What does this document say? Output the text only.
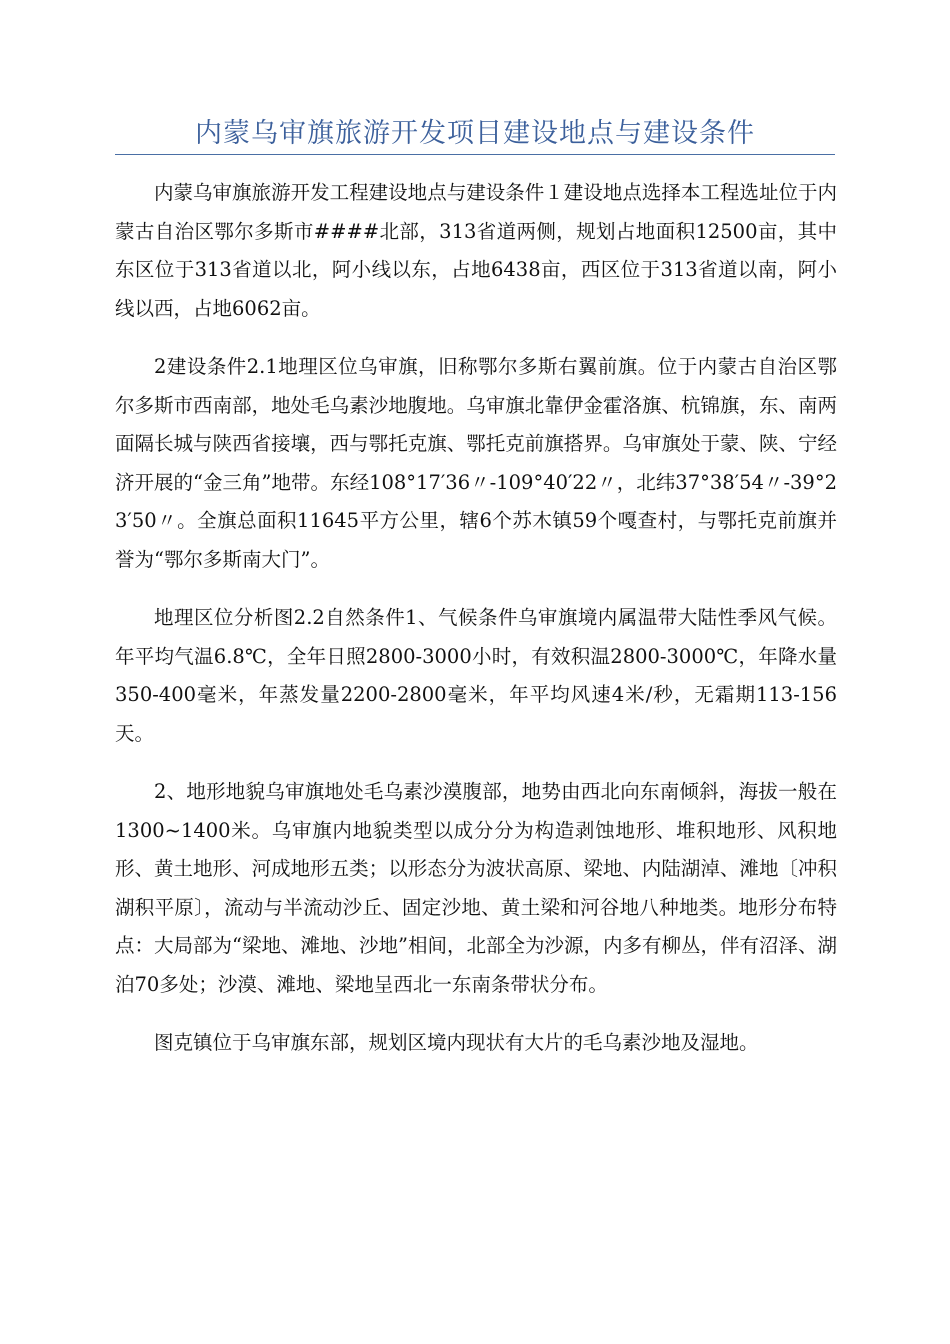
内蒙乌审旗旅游开发项目建设地点与建设条件

内蒙乌审旗旅游开发工程建设地点与建设条件１建设地点选择本工程选址位于内蒙古自治区鄂尔多斯市####北部，313省道两侧，规划占地面积12500亩，其中东区位于313省道以北，阿小线以东，占地6438亩，西区位于313省道以南，阿小线以西，占地6062亩。

2建设条件2.1地理区位乌审旗，旧称鄂尔多斯右翼前旗。位于内蒙古自治区鄂尔多斯市西南部，地处毛乌素沙地腹地。乌审旗北靠伊金霍洛旗、杭锦旗，东、南两面隔长城与陕西省接壤，西与鄂托克旗、鄂托克前旗搭界。乌审旗处于蒙、陕、宁经济开展的“金三角”地带。东经108°17′36〃-109°40′22〃，北纬37°38′54〃-39°23′50〃。全旗总面积11645平方公里，辖6个苏木镇59个嘎查村，与鄂托克前旗并誉为“鄂尔多斯南大门”。

地理区位分析图2.2自然条件1、气候条件乌审旗境内属温带大陆性季风气候。年平均气温6.8℃，全年日照2800-3000小时，有效积温2800-3000℃，年降水量350-400毫米，年蒸发量2200-2800毫米，年平均风速4米/秒，无霜期113-156天。

2、地形地貌乌审旗地处毛乌素沙漠腹部，地势由西北向东南倾斜，海拔一般在1300~1400米。乌审旗内地貌类型以成分分为构造剥蚀地形、堆积地形、风积地形、黄土地形、河成地形五类；以形态分为波状高原、梁地、内陆湖淖、滩地〔冲积湖积平原〕，流动与半流动沙丘、固定沙地、黄土梁和河谷地八种地类。地形分布特点：大局部为“梁地、滩地、沙地”相间，北部全为沙源，内多有柳丛，伴有沼泽、湖泊70多处；沙漠、滩地、梁地呈西北一东南条带状分布。

图克镇位于乌审旗东部，规划区境内现状有大片的毛乌素沙地及湿地。
